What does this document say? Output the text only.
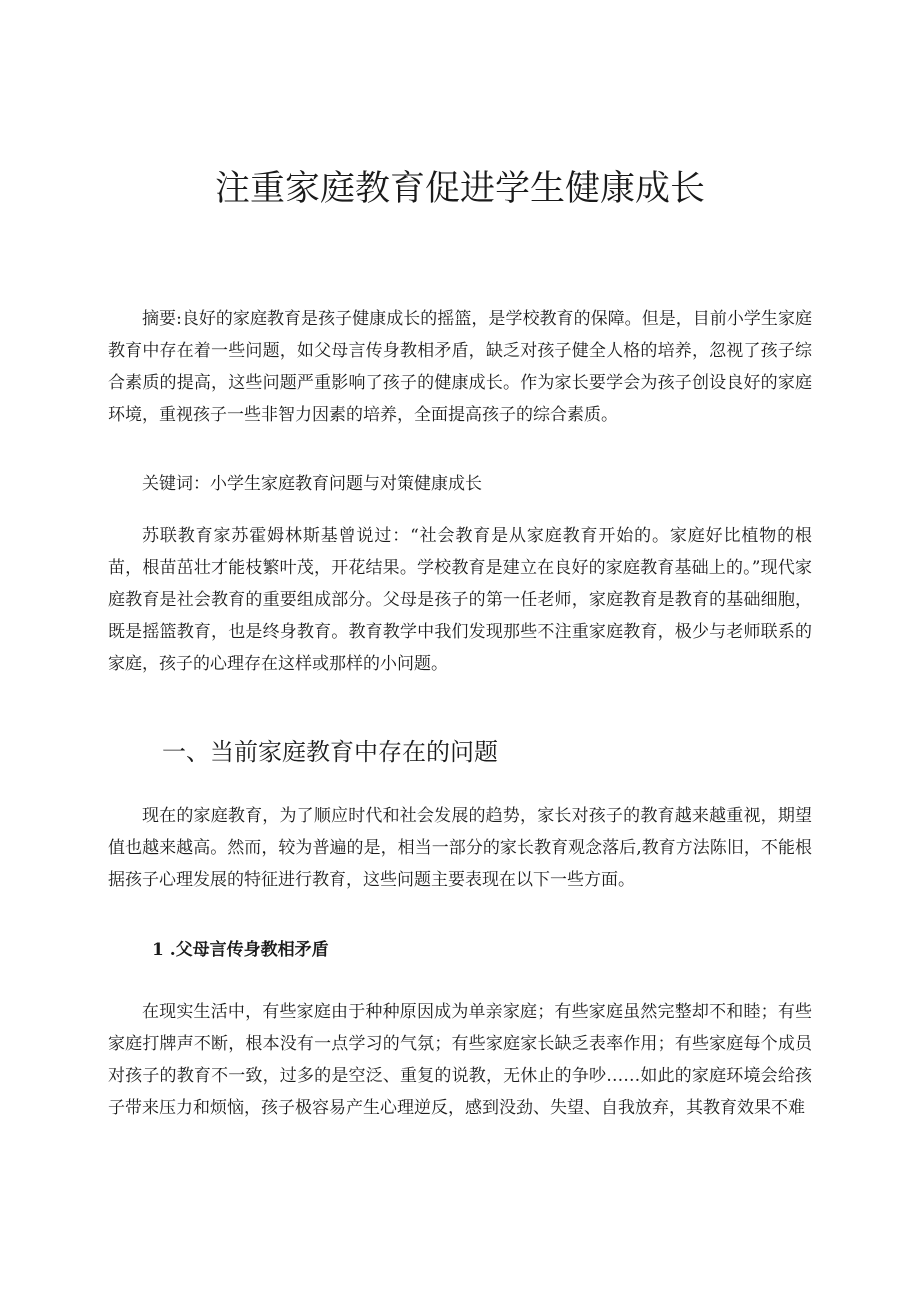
注重家庭教育促进学生健康成长

摘要:良好的家庭教育是孩子健康成长的摇篮，是学校教育的保障。但是，目前小学生家庭教育中存在着一些问题，如父母言传身教相矛盾，缺乏对孩子健全人格的培养，忽视了孩子综合素质的提高，这些问题严重影响了孩子的健康成长。作为家长要学会为孩子创设良好的家庭环境，重视孩子一些非智力因素的培养，全面提高孩子的综合素质。

关键词：小学生家庭教育问题与对策健康成长

苏联教育家苏霍姆林斯基曾说过：“社会教育是从家庭教育开始的。家庭好比植物的根苗，根苗茁壮才能枝繁叶茂，开花结果。学校教育是建立在良好的家庭教育基础上的。”现代家庭教育是社会教育的重要组成部分。父母是孩子的第一任老师，家庭教育是教育的基础细胞，既是摇篮教育，也是终身教育。教育教学中我们发现那些不注重家庭教育，极少与老师联系的家庭，孩子的心理存在这样或那样的小问题。

一、当前家庭教育中存在的问题

现在的家庭教育，为了顺应时代和社会发展的趋势，家长对孩子的教育越来越重视，期望值也越来越高。然而，较为普遍的是，相当一部分的家长教育观念落后,教育方法陈旧，不能根据孩子心理发展的特征进行教育，这些问题主要表现在以下一些方面。

1 .父母言传身教相矛盾

在现实生活中，有些家庭由于种种原因成为单亲家庭；有些家庭虽然完整却不和睦；有些家庭打牌声不断，根本没有一点学习的气氛；有些家庭家长缺乏表率作用；有些家庭每个成员对孩子的教育不一致，过多的是空泛、重复的说教，无休止的争吵……如此的家庭环境会给孩子带来压力和烦恼，孩子极容易产生心理逆反，感到没劲、失望、自我放弃，其教育效果不难
